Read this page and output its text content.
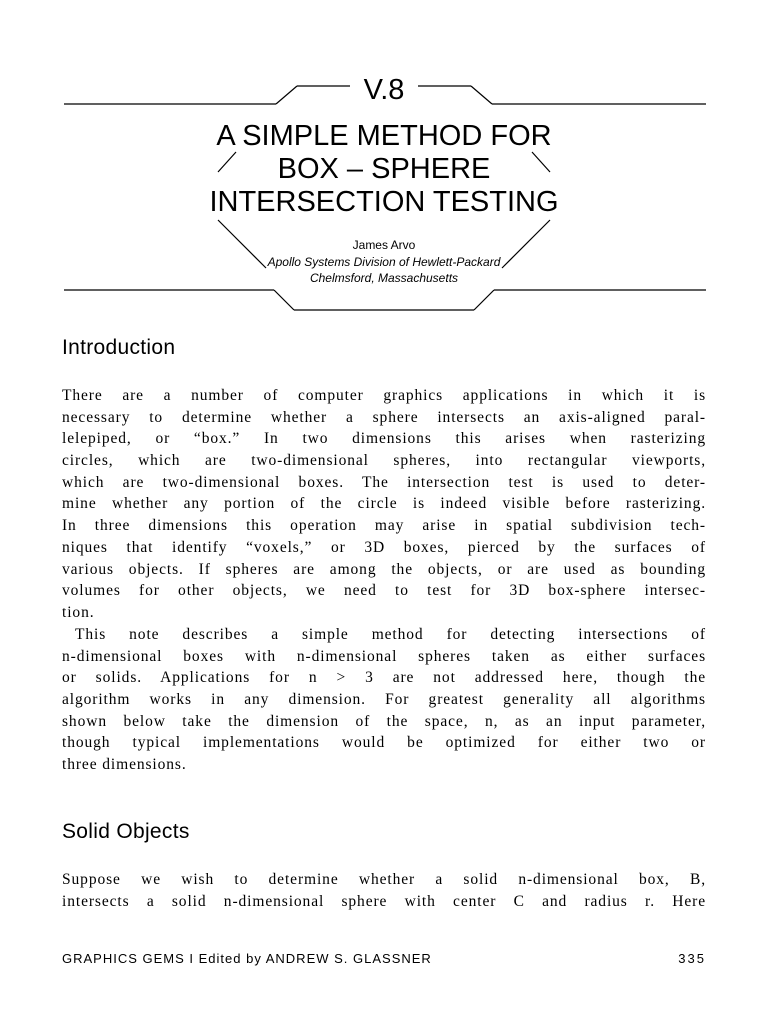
V.8
A SIMPLE METHOD FOR
BOX – SPHERE
INTERSECTION TESTING
James Arvo
Apollo Systems Division of Hewlett-Packard
Chelmsford, Massachusetts
Introduction
There are a number of computer graphics applications in which it is
necessary to determine whether a sphere intersects an axis-aligned paral-
lelepiped, or “box.” In two dimensions this arises when rasterizing
circles, which are two-dimensional spheres, into rectangular viewports,
which are two-dimensional boxes. The intersection test is used to deter-
mine whether any portion of the circle is indeed visible before rasterizing.
In three dimensions this operation may arise in spatial subdivision tech-
niques that identify “voxels,” or 3D boxes, pierced by the surfaces of
various objects. If spheres are among the objects, or are used as bounding
volumes for other objects, we need to test for 3D box-sphere intersec-
tion.
This note describes a simple method for detecting intersections of
n-dimensional boxes with n-dimensional spheres taken as either surfaces
or solids. Applications for n > 3 are not addressed here, though the
algorithm works in any dimension. For greatest generality all algorithms
shown below take the dimension of the space, n, as an input parameter,
though typical implementations would be optimized for either two or
three dimensions.
Solid Objects
Suppose we wish to determine whether a solid n-dimensional box, B,
intersects a solid n-dimensional sphere with center C and radius r. Here
GRAPHICS GEMS I Edited by ANDREW S. GLASSNER	335
